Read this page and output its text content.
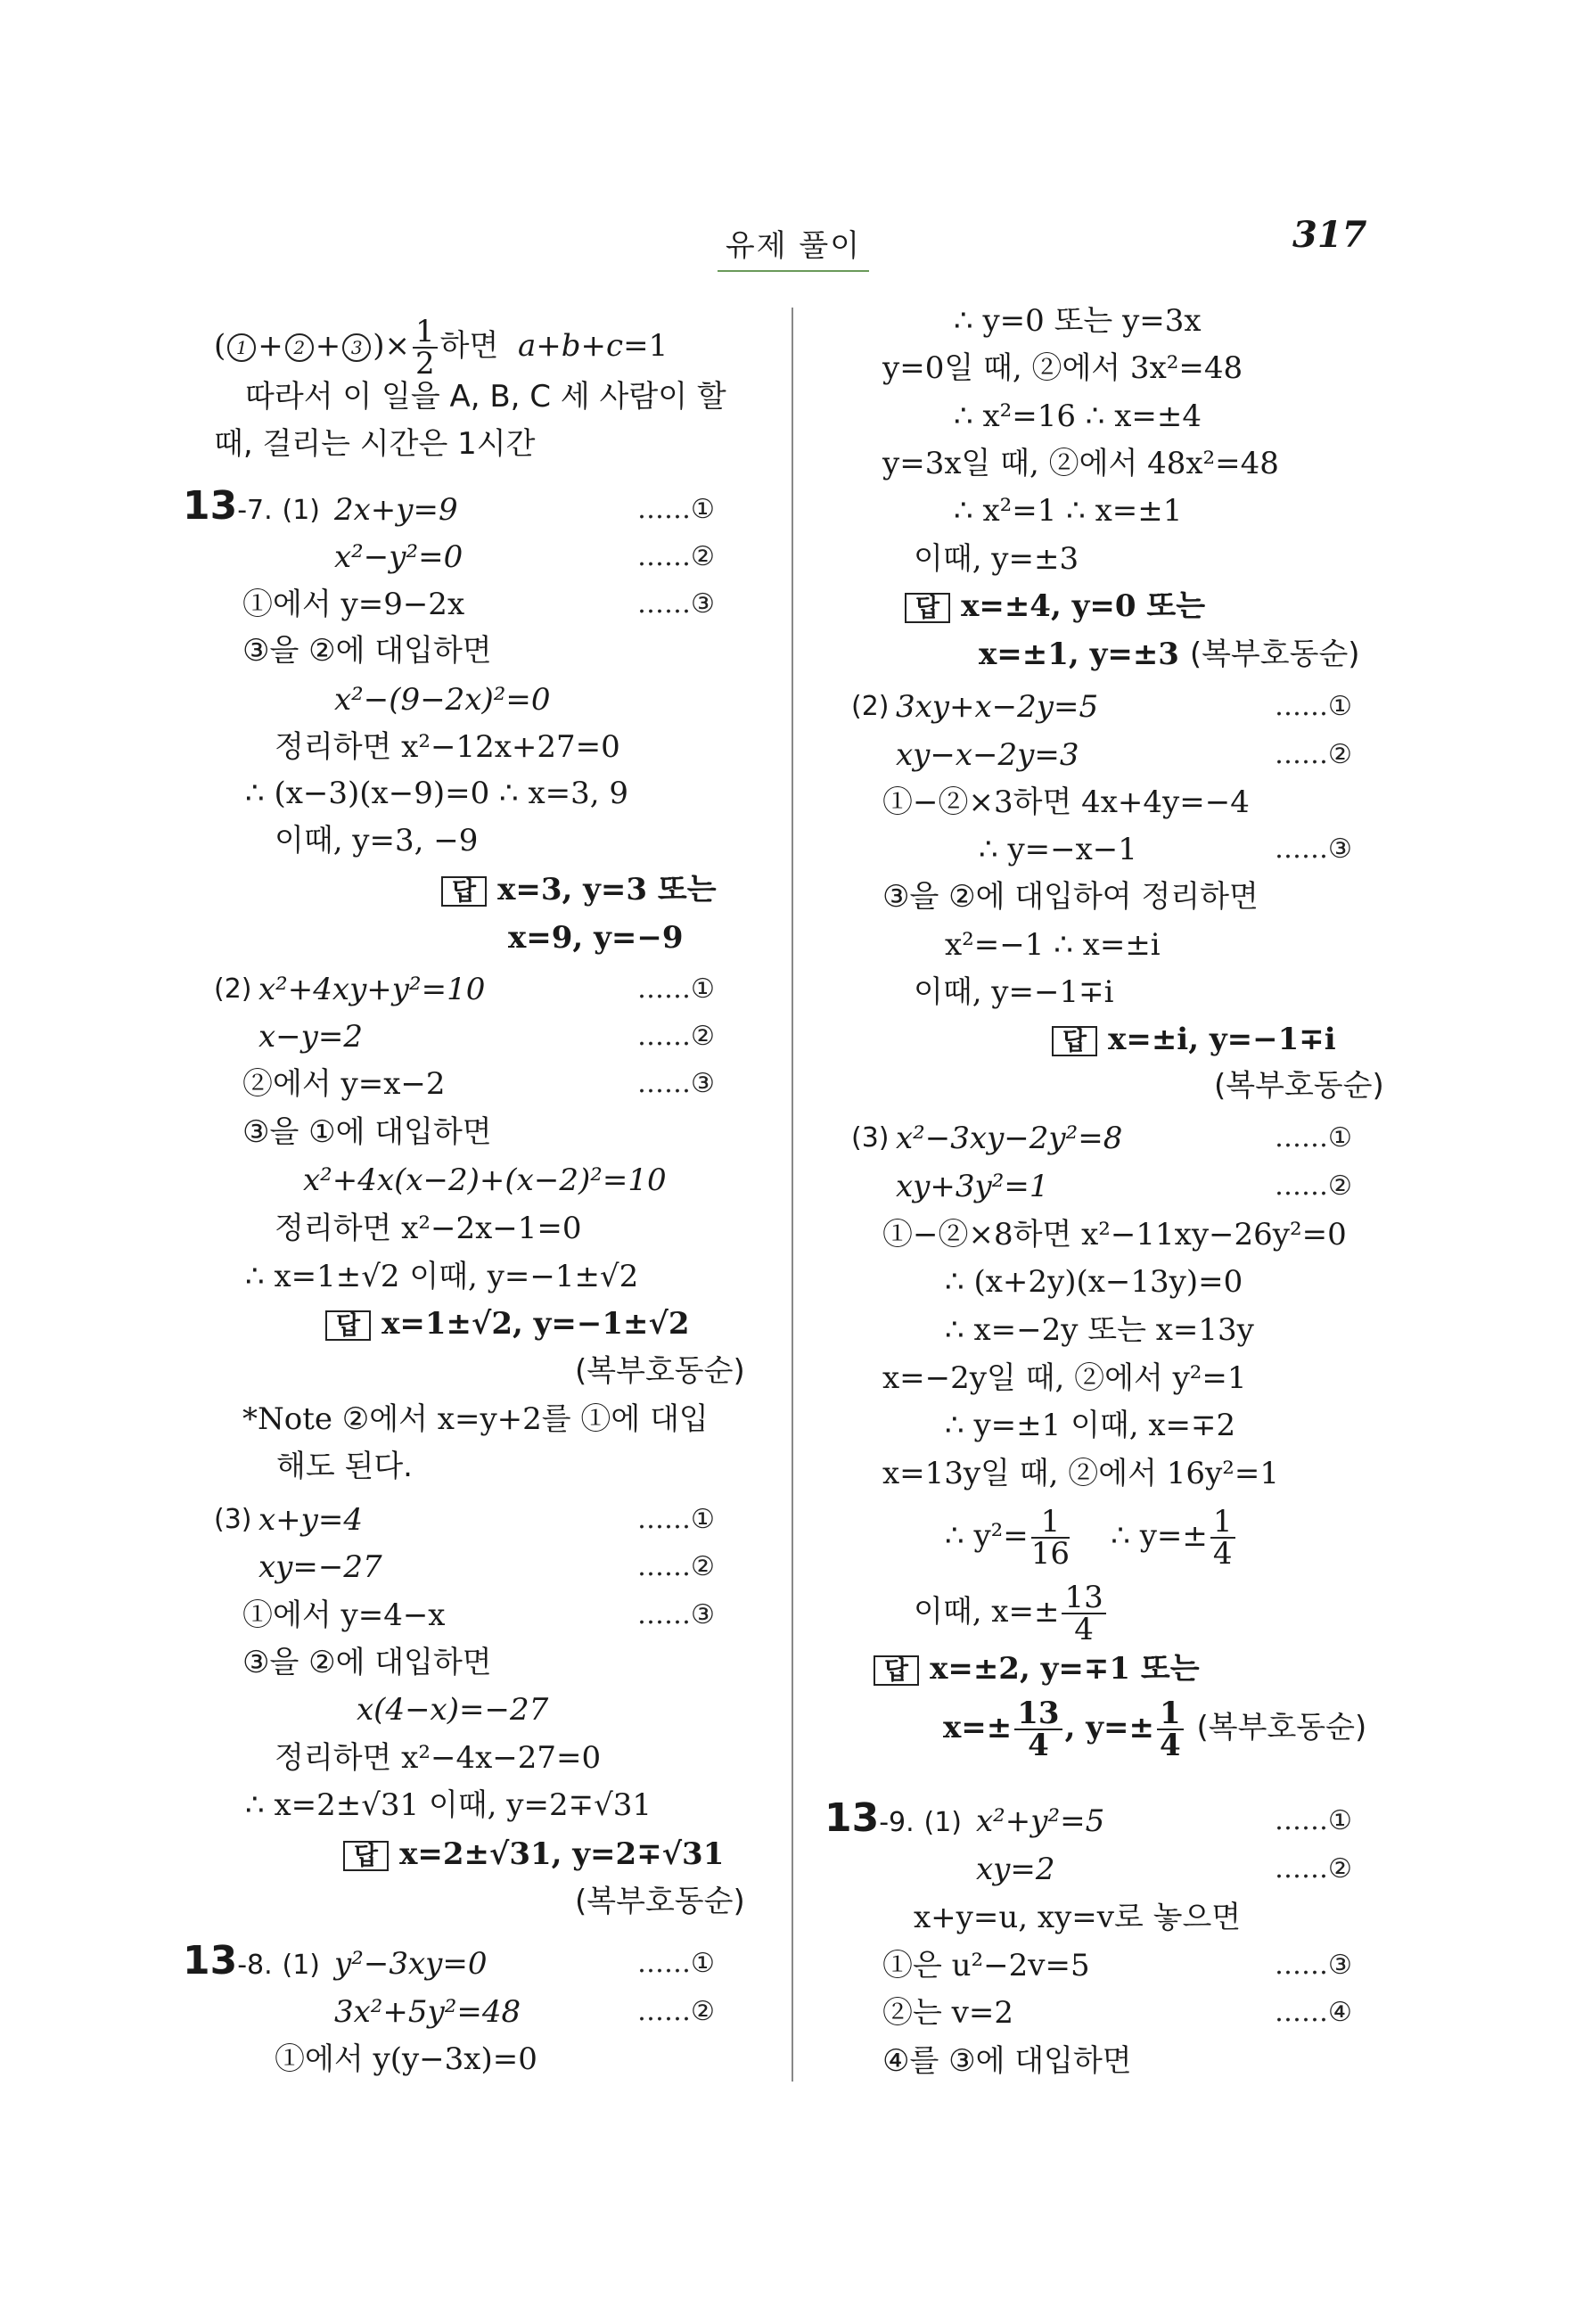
유제 풀이	317
( 1 + 2 + 3 )× $\frac{1}{2}$ 하면 a+b+c=1
따라서 이 일을 A, B, C 세 사람이 할
때, 걸리는 시간은 1시간
13-7. (1) 2x+y=9	……①
x²−y²=0	……②
①에서 y=9−2x	……③
③을 ②에 대입하면
x²−(9−2x)²=0
정리하면 x²−12x+27=0
∴ (x−3)(x−9)=0 ∴ x=3, 9
이때, y=3, −9
답 x=3, y=3 또는
x=9, y=−9
(2) x²+4xy+y²=10	……①
x−y=2	……②
②에서 y=x−2	……③
③을 ①에 대입하면
x²+4x(x−2)+(x−2)²=10
정리하면 x²−2x−1=0
∴ x=1±√2 이때, y=−1±√2
답 x=1±√2, y=−1±√2
(복부호동순)
*Note ②에서 x=y+2를 ①에 대입
해도 된다.
(3) x+y=4	……①
xy=−27	……②
①에서 y=4−x	……③
③을 ②에 대입하면
x(4−x)=−27
정리하면 x²−4x−27=0
∴ x=2±√31 이때, y=2∓√31
답 x=2±√31, y=2∓√31
(복부호동순)
13-8. (1) y²−3xy=0	……①
3x²+5y²=48	……②
①에서 y(y−3x)=0
∴ y=0 또는 y=3x
y=0일 때, ②에서 3x²=48
∴ x²=16 ∴ x=±4
y=3x일 때, ②에서 48x²=48
∴ x²=1 ∴ x=±1
이때, y=±3
답 x=±4, y=0 또는
x=±1, y=±3 (복부호동순)
(2) 3xy+x−2y=5	……①
xy−x−2y=3	……②
①−②×3하면 4x+4y=−4
∴ y=−x−1	……③
③을 ②에 대입하여 정리하면
x²=−1 ∴ x=±i
이때, y=−1∓i
답 x=±i, y=−1∓i
(복부호동순)
(3) x²−3xy−2y²=8	……①
xy+3y²=1	……②
①−②×8하면 x²−11xy−26y²=0
∴ (x+2y)(x−13y)=0
∴ x=−2y 또는 x=13y
x=−2y일 때, ②에서 y²=1
∴ y=±1 이때, x=∓2
x=13y일 때, ②에서 16y²=1
∴ $y^2= \frac{1}{16}$ ∴ $y=\pm \frac{1}{4}$
이때, $x=\pm \frac{13}{4}$
답 x=±2, y=∓1 또는
$x=\pm \frac{13}{4}$ , $y=\pm \frac{1}{4}$ (복부호동순)
13-9. (1) x²+y²=5	……①
xy=2	……②
x+y=u, xy=v로 놓으면
①은 u²−2v=5	……③
②는 v=2	……④
④를 ③에 대입하면
